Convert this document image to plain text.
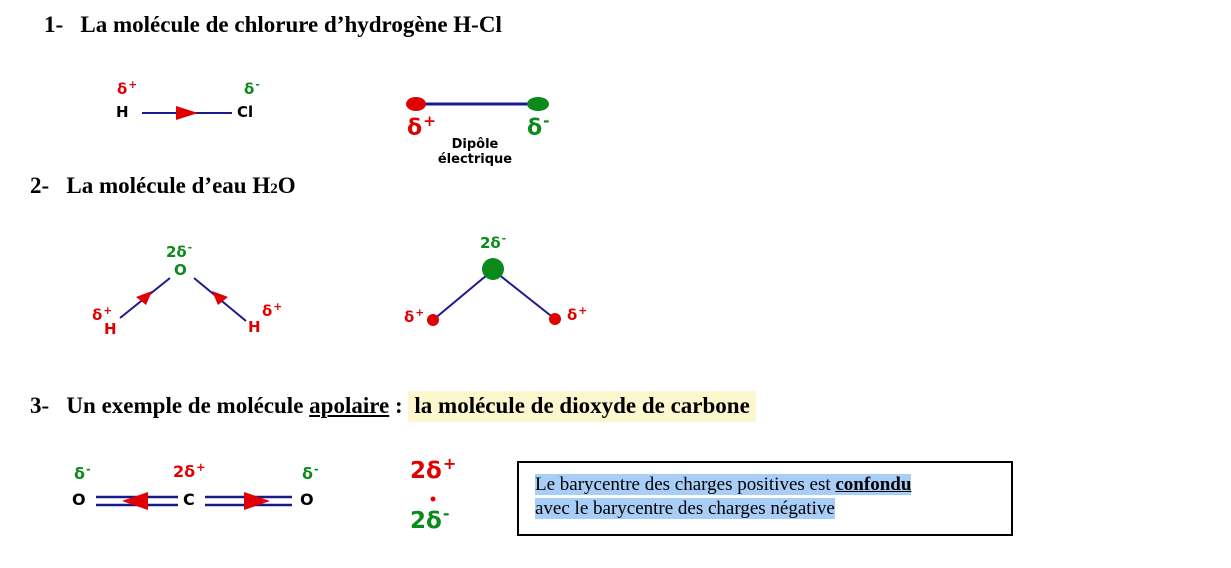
1- La molécule de chlorure d’hydrogène H-Cl
δ+	δ-
H	Cl
δ+	δ-
Dipôle
électrique
2- La molécule d’eau H2O
2δ-
O
δ+
H	H
δ+
2δ-
δ+	δ+
3- Un exemple de molécule apolaire : la molécule de dioxyde de carbone
δ-	2δ+	δ-
O	C	O
2δ+
2δ-
Le barycentre des charges positives est confondu
avec le barycentre des charges négative
